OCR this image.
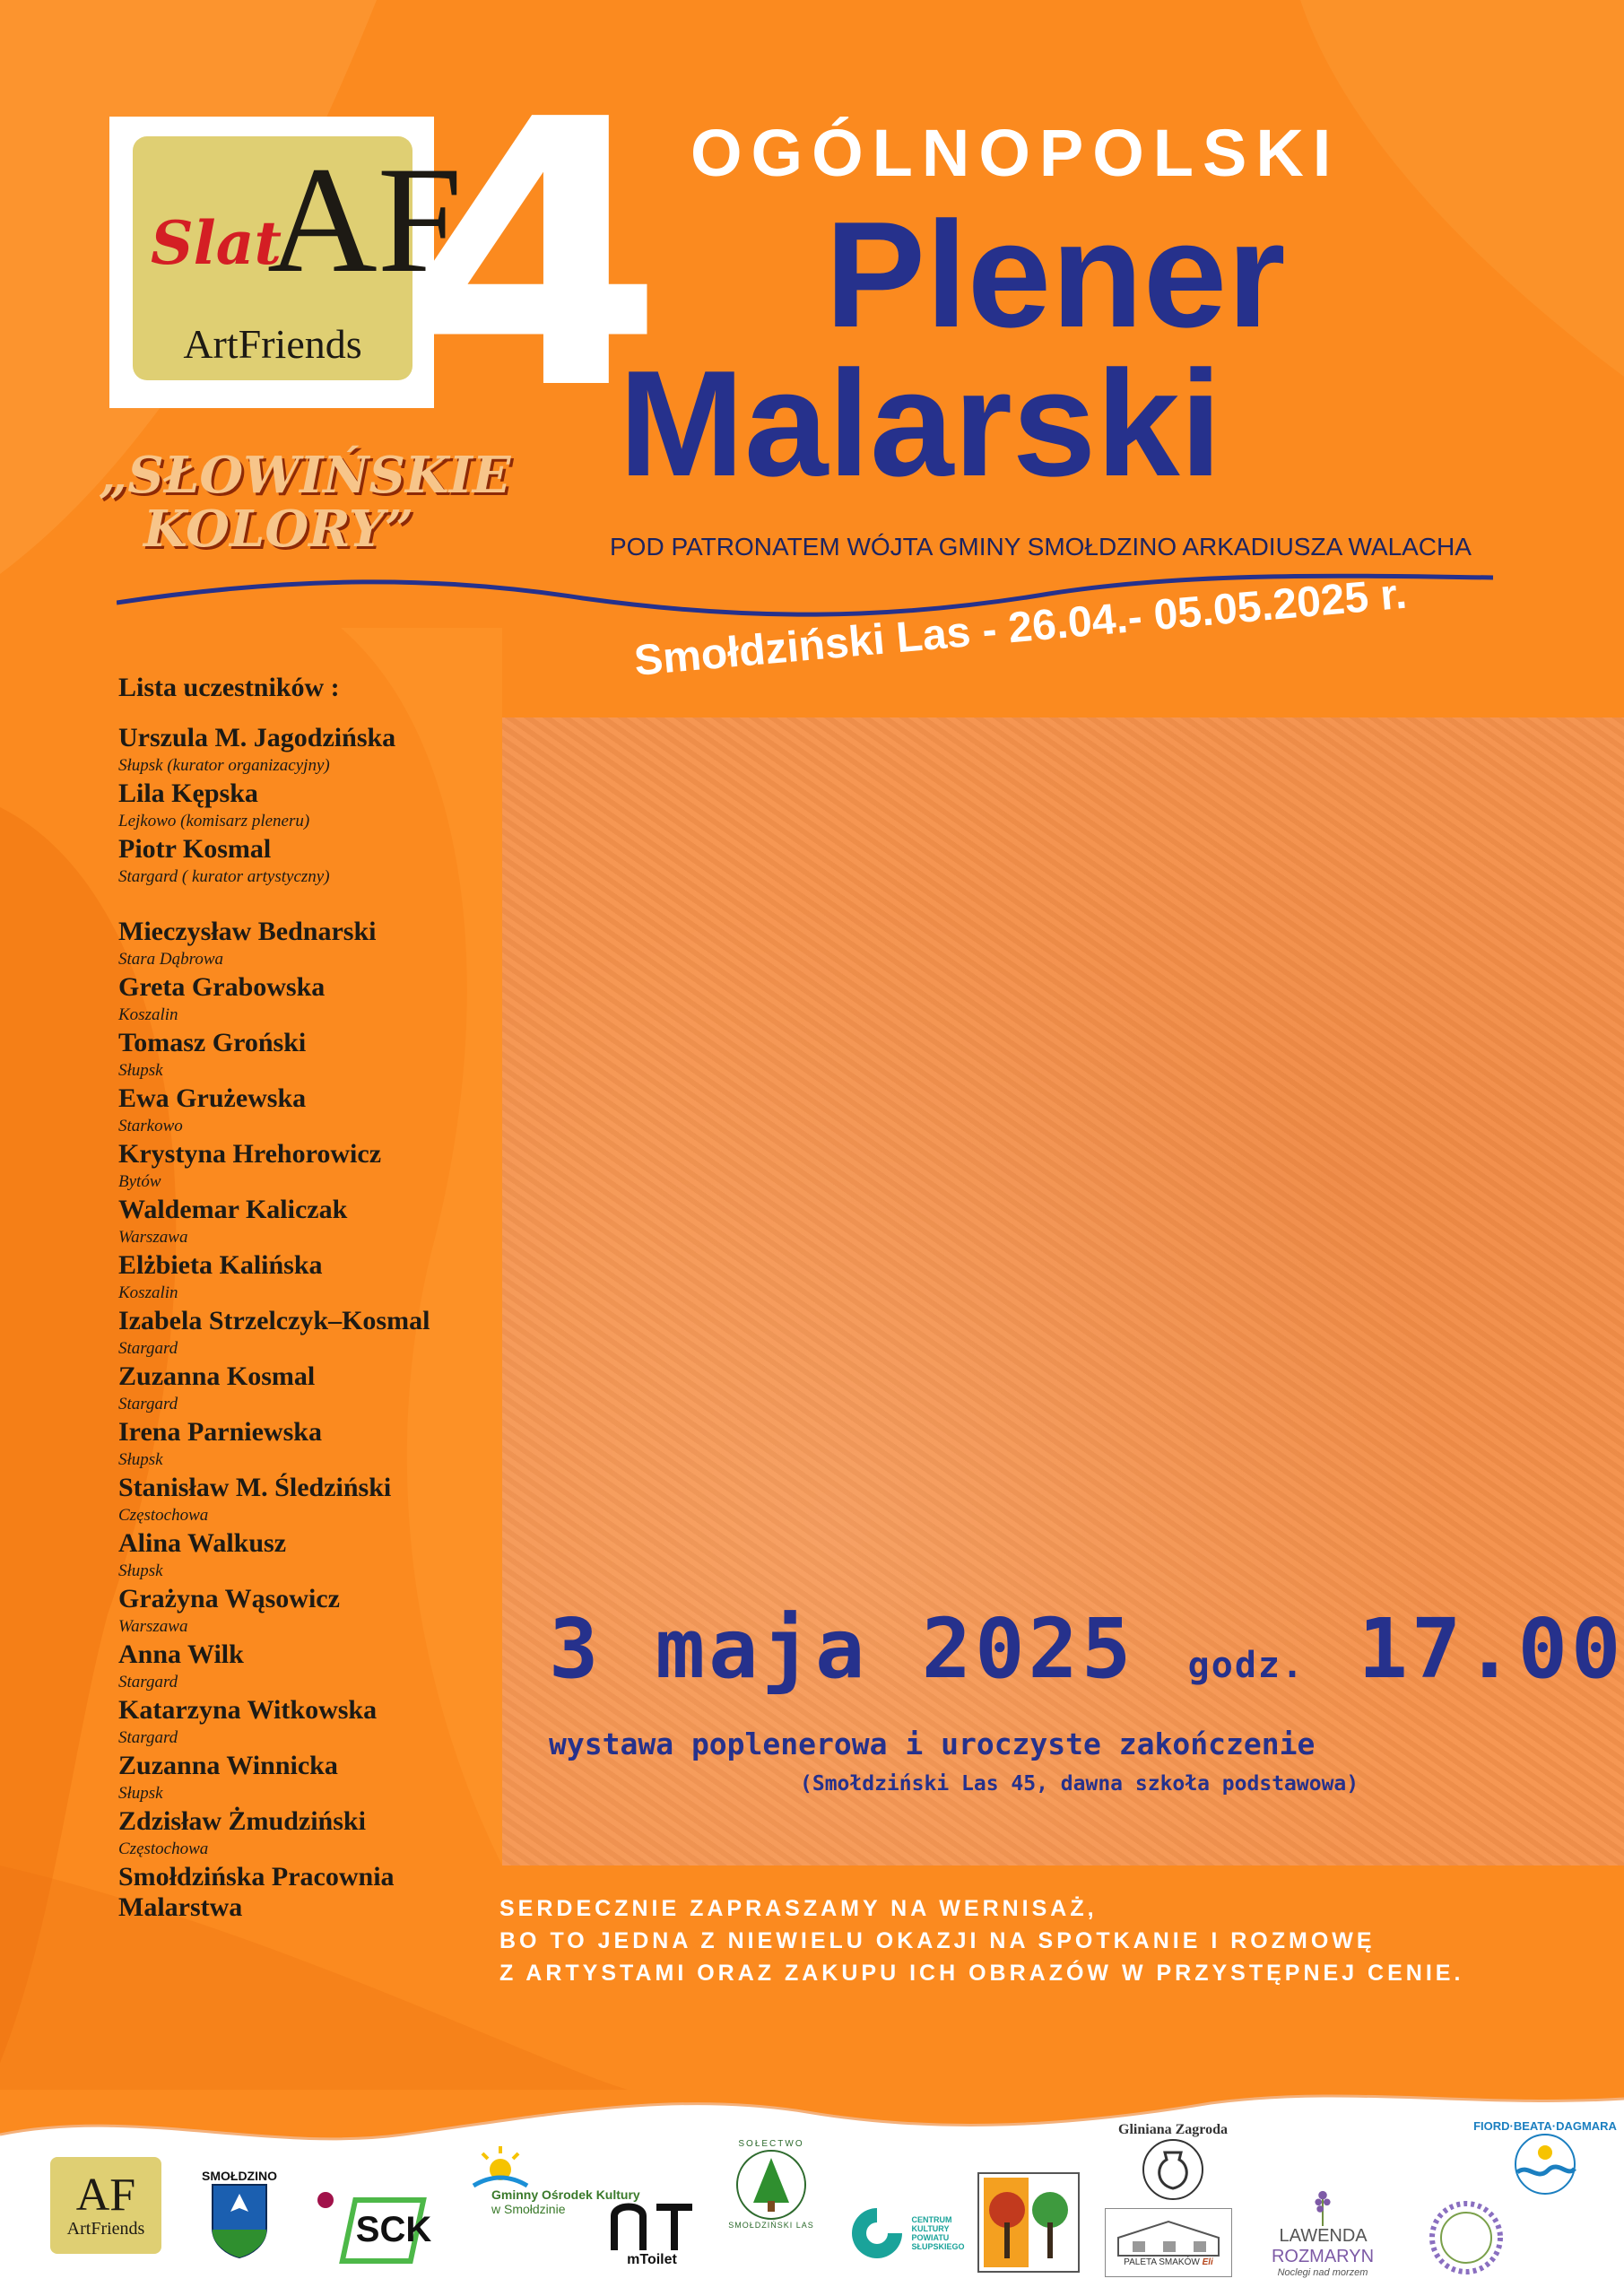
AF
Slat
ArtFriends 4 OGÓLNOPOLSKI
Plener
Malarski
„SŁOWIŃSKIE
KOLORY”	POD PATRONATEM WÓJTA GMINY SMOŁDZINO ARKADIUSZA WALACHA
Smołdziński Las - 26.04.- 05.05.2025 r.
Lista uczestników :
Urszula M. Jagodzińska
Słupsk (kurator organizacyjny)
Lila Kępska
Lejkowo (komisarz pleneru)
Piotr Kosmal
Stargard ( kurator artystyczny)
Mieczysław Bednarski
Stara Dąbrowa
Greta Grabowska
Koszalin
Tomasz Groński
Słupsk
Ewa Grużewska
Starkowo
Krystyna Hrehorowicz
Bytów
Waldemar Kaliczak
Warszawa
Elżbieta Kalińska
Koszalin
Izabela Strzelczyk–Kosmal
Stargard
Zuzanna Kosmal
Stargard
Irena Parniewska
Słupsk
Stanisław M. Śledziński
Częstochowa
Alina Walkusz
Słupsk
Grażyna Wąsowicz
Warszawa
Anna Wilk
Stargard
Katarzyna Witkowska
Stargard
Zuzanna Winnicka
Słupsk
Zdzisław Żmudziński
Częstochowa
Smołdzińska Pracownia Malarstwa
3 maja 2025 godz. 17.00
wystawa poplenerowa i uroczyste zakończenie
(Smołdziński Las 45, dawna szkoła podstawowa)
SERDECZNIE ZAPRASZAMY NA WERNISAŻ,
BO TO JEDNA Z NIEWIELU OKAZJI NA SPOTKANIE I ROZMOWĘ
Z ARTYSTAMI ORAZ ZAKUPU ICH OBRAZÓW W PRZYSTĘPNEJ CENIE.
AF
ArtFriends
SMOŁDZINO
SCK
Gminny Ośrodek Kultury
w Smołdzinie
mToilet
SOŁECTWO
SMOŁDZIŃSKI LAS
CENTRUM
KULTURY
POWIATU
SŁUPSKIEGO
Gliniana Zagroda
PALETA SMAKÓW Eli
LAWENDA ROZMARYN
Noclegi nad morzem
FIORD·BEATA·DAGMARA
